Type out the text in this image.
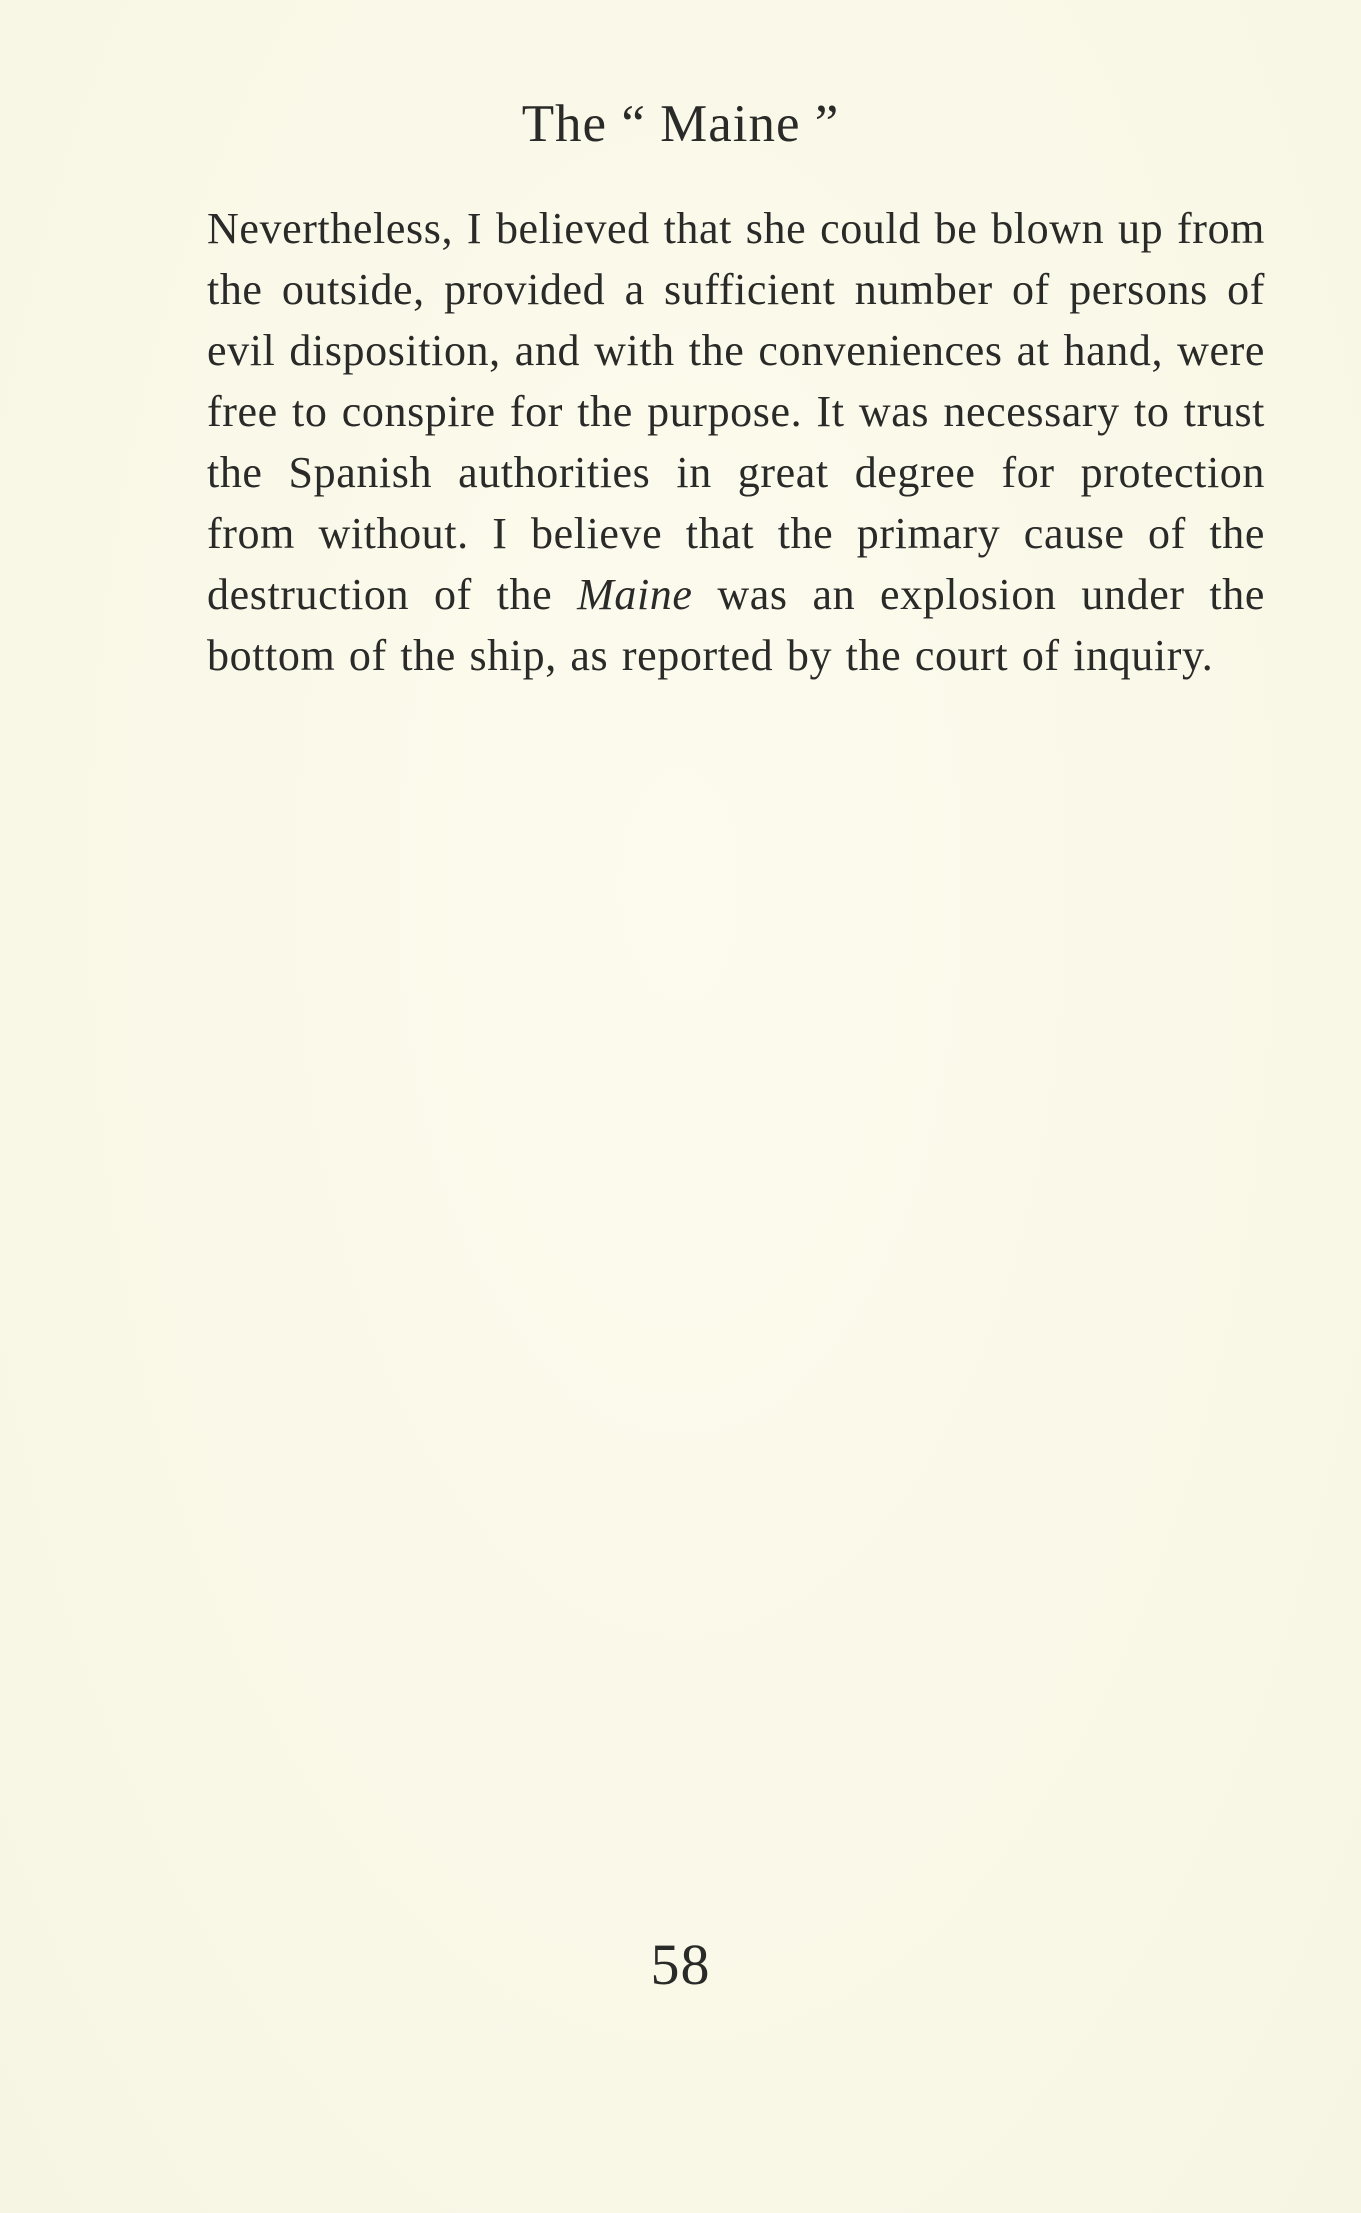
The “ Maine ”

Nevertheless, I believed that she could be blown up from the outside, provided a sufficient number of persons of evil disposition, and with the conveniences at hand, were free to conspire for the purpose. It was necessary to trust the Spanish authorities in great degree for protection from without. I believe that the primary cause of the destruction of the Maine was an explosion under the bottom of the ship, as reported by the court of inquiry.

58
